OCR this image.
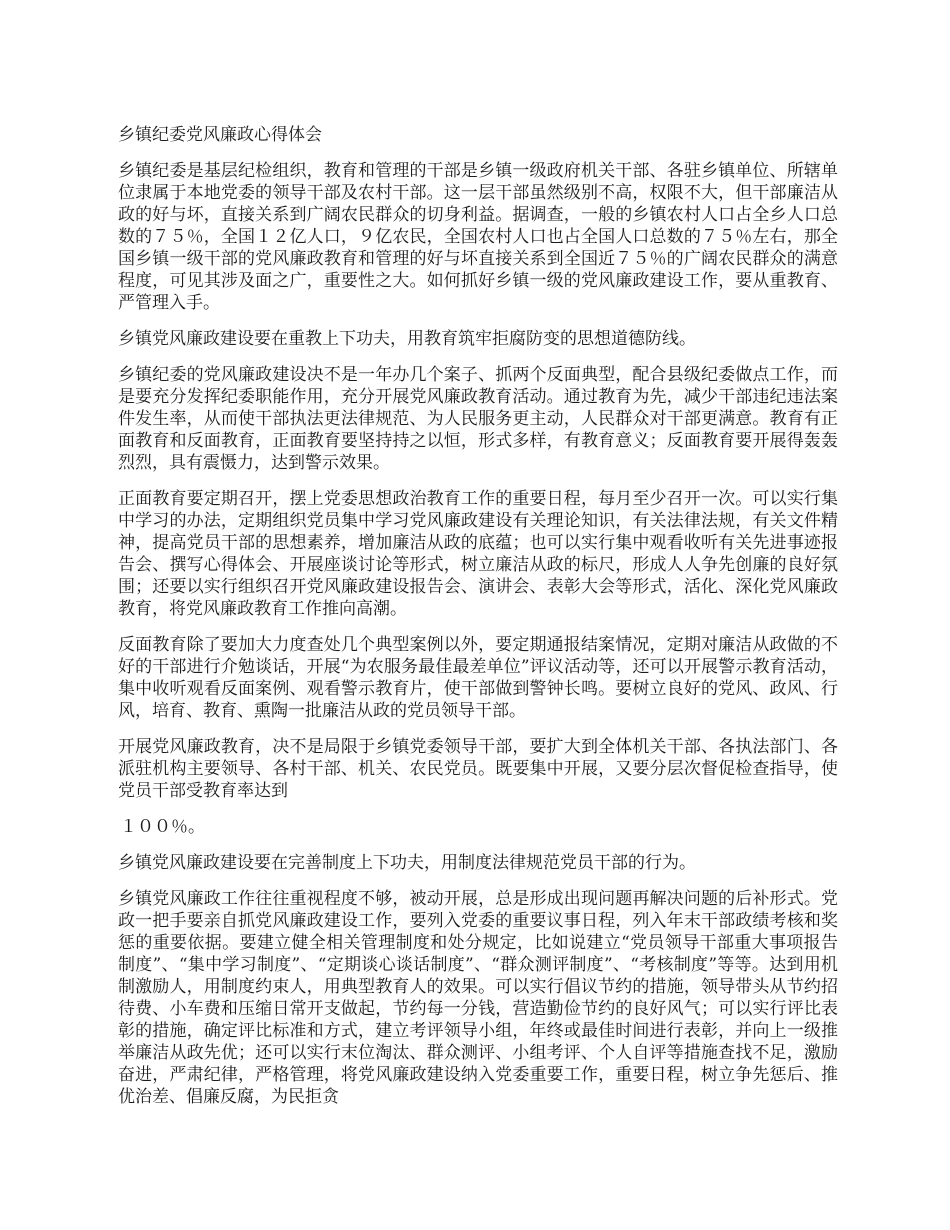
乡镇纪委党风廉政心得体会

乡镇纪委是基层纪检组织，教育和管理的干部是乡镇一级政府机关干部、各驻乡镇单位、所辖单位隶属于本地党委的领导干部及农村干部。这一层干部虽然级别不高，权限不大，但干部廉洁从政的好与坏，直接关系到广阔农民群众的切身利益。据调查，一般的乡镇农村人口占全乡人口总数的７５％，全国１２亿人口，９亿农民，全国农村人口也占全国人口总数的７５％左右，那全国乡镇一级干部的党风廉政教育和管理的好与坏直接关系到全国近７５％的广阔农民群众的满意程度，可见其涉及面之广，重要性之大。如何抓好乡镇一级的党风廉政建设工作，要从重教育、严管理入手。

乡镇党风廉政建设要在重教上下功夫，用教育筑牢拒腐防变的思想道德防线。

乡镇纪委的党风廉政建设决不是一年办几个案子、抓两个反面典型，配合县级纪委做点工作，而是要充分发挥纪委职能作用，充分开展党风廉政教育活动。通过教育为先，减少干部违纪违法案件发生率，从而使干部执法更法律规范、为人民服务更主动，人民群众对干部更满意。教育有正面教育和反面教育，正面教育要坚持持之以恒，形式多样，有教育意义；反面教育要开展得轰轰烈烈，具有震慑力，达到警示效果。

正面教育要定期召开，摆上党委思想政治教育工作的重要日程，每月至少召开一次。可以实行集中学习的办法，定期组织党员集中学习党风廉政建设有关理论知识，有关法律法规，有关文件精神，提高党员干部的思想素养，增加廉洁从政的底蕴；也可以实行集中观看收听有关先进事迹报告会、撰写心得体会、开展座谈讨论等形式，树立廉洁从政的标尺，形成人人争先创廉的良好氛围；还要以实行组织召开党风廉政建设报告会、演讲会、表彰大会等形式，活化、深化党风廉政教育，将党风廉政教育工作推向高潮。

反面教育除了要加大力度查处几个典型案例以外，要定期通报结案情况，定期对廉洁从政做的不好的干部进行介勉谈话，开展“为农服务最佳最差单位”评议活动等，还可以开展警示教育活动，集中收听观看反面案例、观看警示教育片，使干部做到警钟长鸣。要树立良好的党风、政风、行风，培育、教育、熏陶一批廉洁从政的党员领导干部。

开展党风廉政教育，决不是局限于乡镇党委领导干部，要扩大到全体机关干部、各执法部门、各派驻机构主要领导、各村干部、机关、农民党员。既要集中开展，又要分层次督促检查指导，使党员干部受教育率达到

１００％。

乡镇党风廉政建设要在完善制度上下功夫，用制度法律规范党员干部的行为。

乡镇党风廉政工作往往重视程度不够，被动开展，总是形成出现问题再解决问题的后补形式。党政一把手要亲自抓党风廉政建设工作，要列入党委的重要议事日程，列入年末干部政绩考核和奖惩的重要依据。要建立健全相关管理制度和处分规定，比如说建立“党员领导干部重大事项报告制度”、“集中学习制度”、“定期谈心谈话制度”、“群众测评制度”、“考核制度”等等。达到用机制激励人，用制度约束人，用典型教育人的效果。可以实行倡议节约的措施，领导带头从节约招待费、小车费和压缩日常开支做起，节约每一分钱，营造勤俭节约的良好风气；可以实行评比表彰的措施，确定评比标准和方式，建立考评领导小组，年终或最佳时间进行表彰，并向上一级推举廉洁从政先优；还可以实行末位淘汰、群众测评、小组考评、个人自评等措施查找不足，激励奋进，严肃纪律，严格管理，将党风廉政建设纳入党委重要工作，重要日程，树立争先惩后、推优治差、倡廉反腐，为民拒贪
